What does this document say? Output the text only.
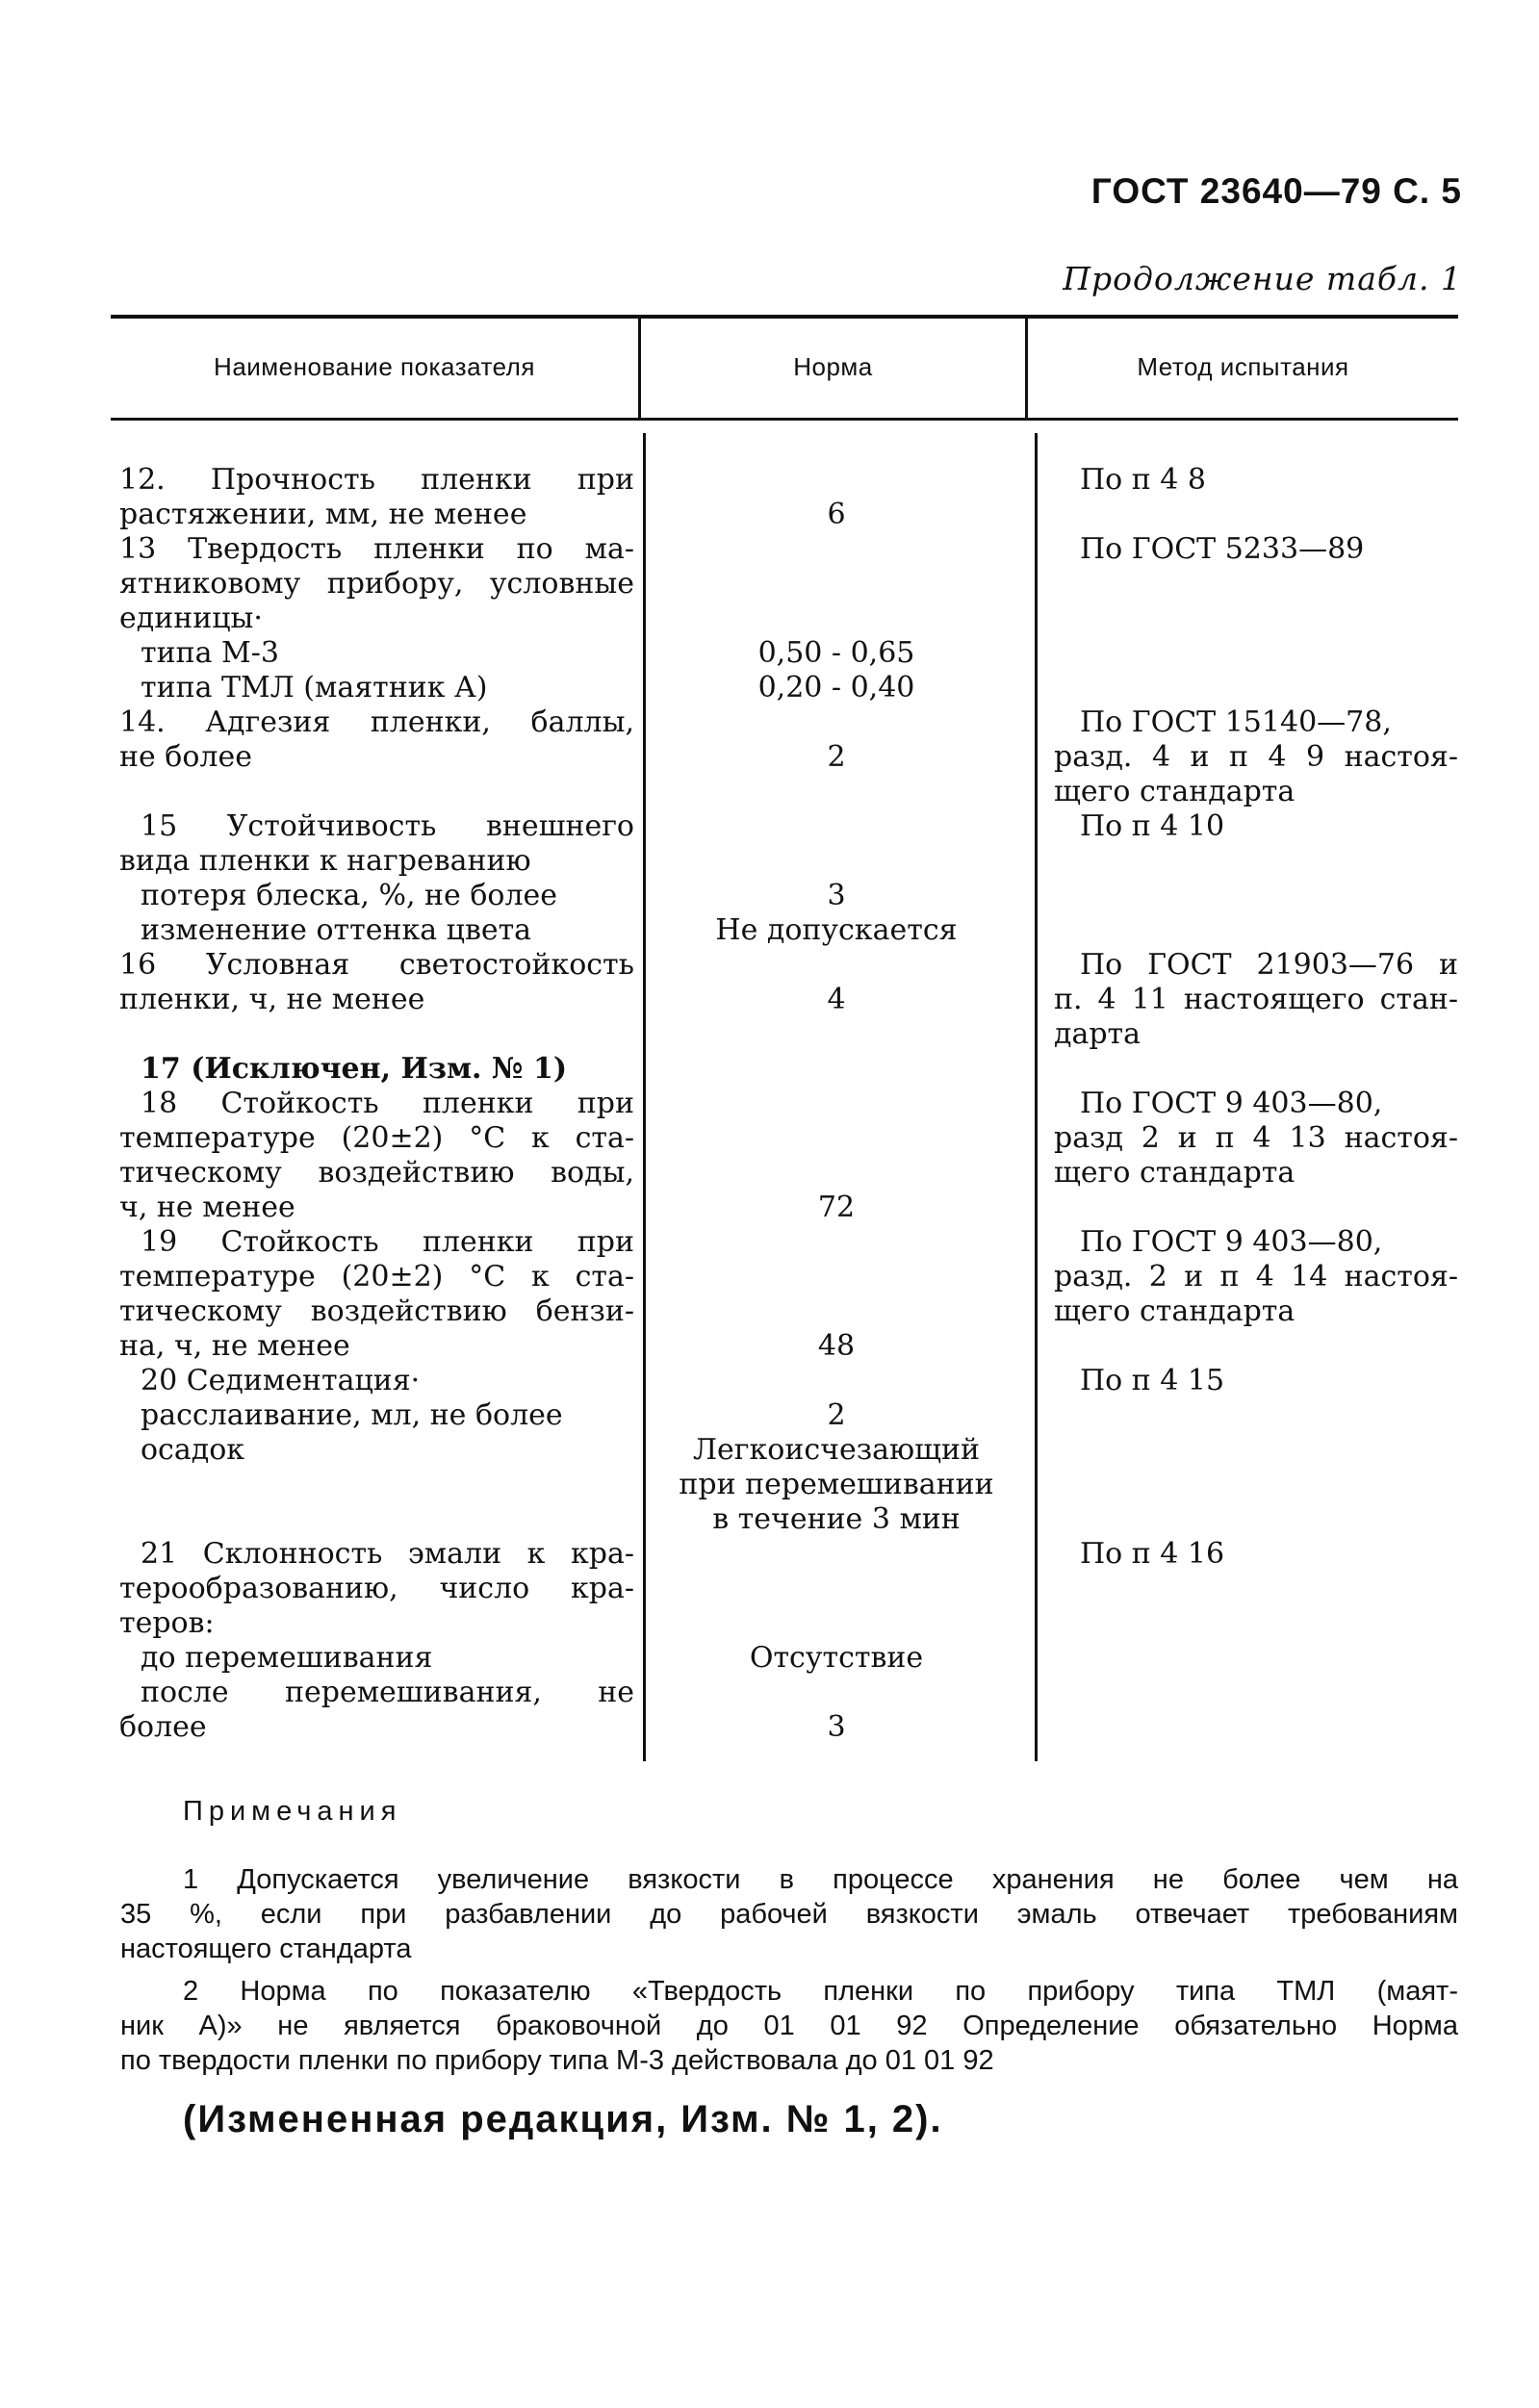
ГОСТ 23640—79 С. 5
Продолжение табл. 1
Наименование показателя	Норма	Метод испытания
12. Прочность пленки при
растяжении, мм, не менее
13 Твердость пленки по ма-
ятниковому прибору, условные
единицы·
типа М-3
типа ТМЛ (маятник А)
14. Адгезия пленки, баллы,
не более
15 Устойчивость внешнего
вида пленки к нагреванию
потеря блеска, %, не более
изменение оттенка цвета
16 Условная светостойкость
пленки, ч, не менее
17 (Исключен, Изм. № 1)
18 Стойкость пленки при
температуре (20±2) °С к ста-
тическому воздействию воды,
ч, не менее
19 Стойкость пленки при
температуре (20±2) °С к ста-
тическому воздействию бензи-
на, ч, не менее
20 Седиментация·
расслаивание, мл, не более
осадок
21 Склонность эмали к кра-
терообразованию, число кра-
теров:
до перемешивания
после перемешивания, не
более
6
0,50 - 0,65
0,20 - 0,40
2
3
Не допускается
4
72
48
2
Легкоисчезающий
при перемешивании
в течение 3 мин
Отсутствие
3
По п 4 8
По ГОСТ 5233—89
По ГОСТ 15140—78,
разд. 4 и п 4 9 настоя-
щего стандарта
По п 4 10
По ГОСТ 21903—76 и
п. 4 11 настоящего стан-
дарта
По ГОСТ 9 403—80,
разд 2 и п 4 13 настоя-
щего стандарта
По ГОСТ 9 403—80,
разд. 2 и п 4 14 настоя-
щего стандарта
По п 4 15
По п 4 16
Примечания
1 Допускается увеличение вязкости в процессе хранения не более чем на
35 %, если при разбавлении до рабочей вязкости эмаль отвечает требованиям
настоящего стандарта
2 Норма по показателю «Твердость пленки по прибору типа ТМЛ (маят-
ник А)» не является браковочной до 01 01 92 Определение обязательно Норма
по твердости пленки по прибору типа М-3 действовала до 01 01 92
(Измененная редакция, Изм. № 1, 2).
